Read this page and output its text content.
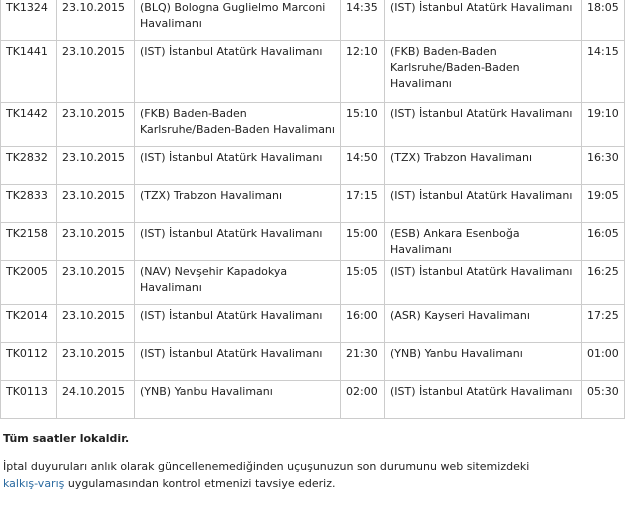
TK1324	23.10.2015	(BLQ) Bologna Guglielmo Marconi Havalimanı	14:35	(IST) İstanbul Atatürk Havalimanı	18:05
TK1441	23.10.2015	(IST) İstanbul Atatürk Havalimanı	12:10	(FKB) Baden-Baden Karlsruhe/Baden-Baden Havalimanı	14:15
TK1442	23.10.2015	(FKB) Baden-Baden Karlsruhe/Baden-Baden Havalimanı	15:10	(IST) İstanbul Atatürk Havalimanı	19:10
TK2832	23.10.2015	(IST) İstanbul Atatürk Havalimanı	14:50	(TZX) Trabzon Havalimanı	16:30
TK2833	23.10.2015	(TZX) Trabzon Havalimanı	17:15	(IST) İstanbul Atatürk Havalimanı	19:05
TK2158	23.10.2015	(IST) İstanbul Atatürk Havalimanı	15:00	(ESB) Ankara Esenboğa Havalimanı	16:05
TK2005	23.10.2015	(NAV) Nevşehir Kapadokya Havalimanı	15:05	(IST) İstanbul Atatürk Havalimanı	16:25
TK2014	23.10.2015	(IST) İstanbul Atatürk Havalimanı	16:00	(ASR) Kayseri Havalimanı	17:25
TK0112	23.10.2015	(IST) İstanbul Atatürk Havalimanı	21:30	(YNB) Yanbu Havalimanı	01:00
TK0113	24.10.2015	(YNB) Yanbu Havalimanı	02:00	(IST) İstanbul Atatürk Havalimanı	05:30
Tüm saatler lokaldir.
İptal duyuruları anlık olarak güncellenemediğinden uçuşunuzun son durumunu web sitemizdeki kalkış-varış uygulamasından kontrol etmenizi tavsiye ederiz.
